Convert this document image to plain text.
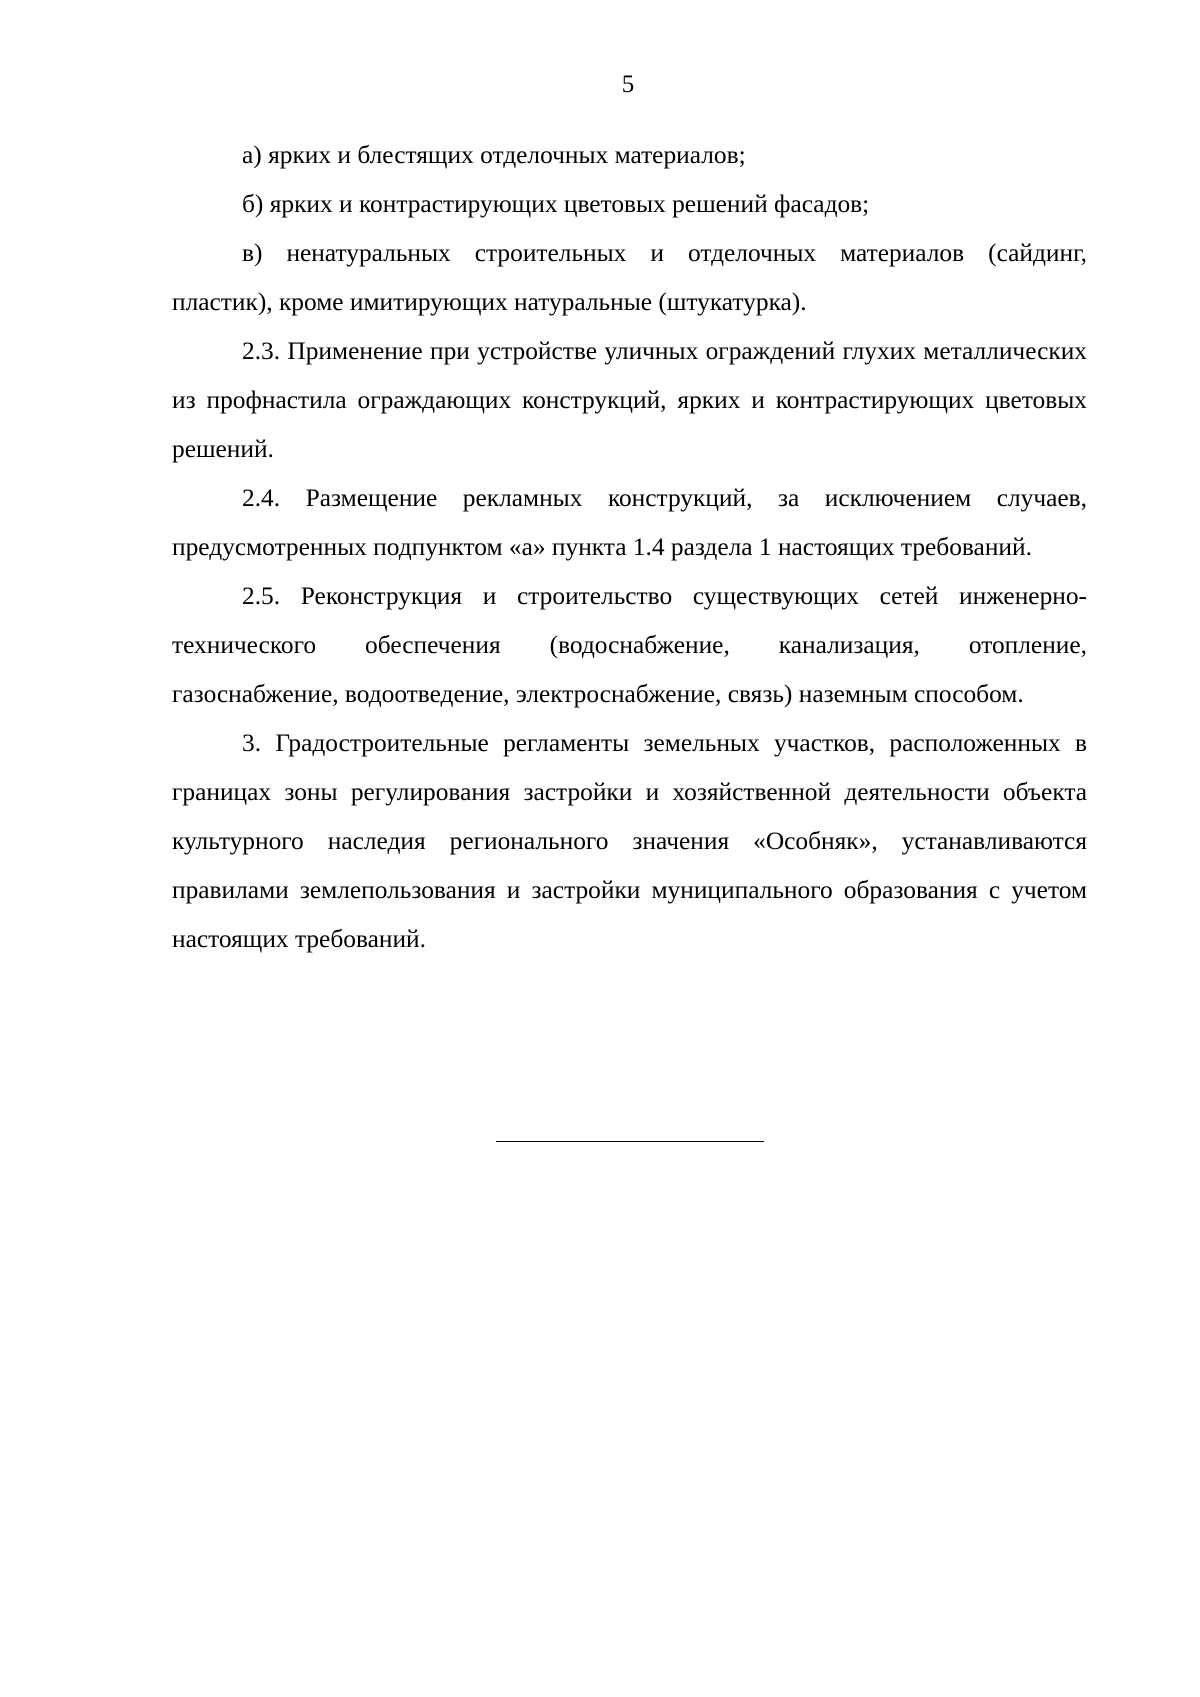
5

а) ярких и блестящих отделочных материалов;

б) ярких и контрастирующих цветовых решений фасадов;

в) ненатуральных строительных и отделочных материалов (сайдинг, пластик), кроме имитирующих натуральные (штукатурка).

2.3. Применение при устройстве уличных ограждений глухих металлических из профнастила ограждающих конструкций, ярких и контрастирующих цветовых решений.

2.4. Размещение рекламных конструкций, за исключением случаев, предусмотренных подпунктом «а» пункта 1.4 раздела 1 настоящих требований.

2.5. Реконструкция и строительство существующих сетей инженерно-технического обеспечения (водоснабжение, канализация, отопление, газоснабжение, водоотведение, электроснабжение, связь) наземным способом.

3. Градостроительные регламенты земельных участков, расположенных в границах зоны регулирования застройки и хозяйственной деятельности объекта культурного наследия регионального значения «Особняк», устанавливаются правилами землепользования и застройки муниципального образования с учетом настоящих требований.
